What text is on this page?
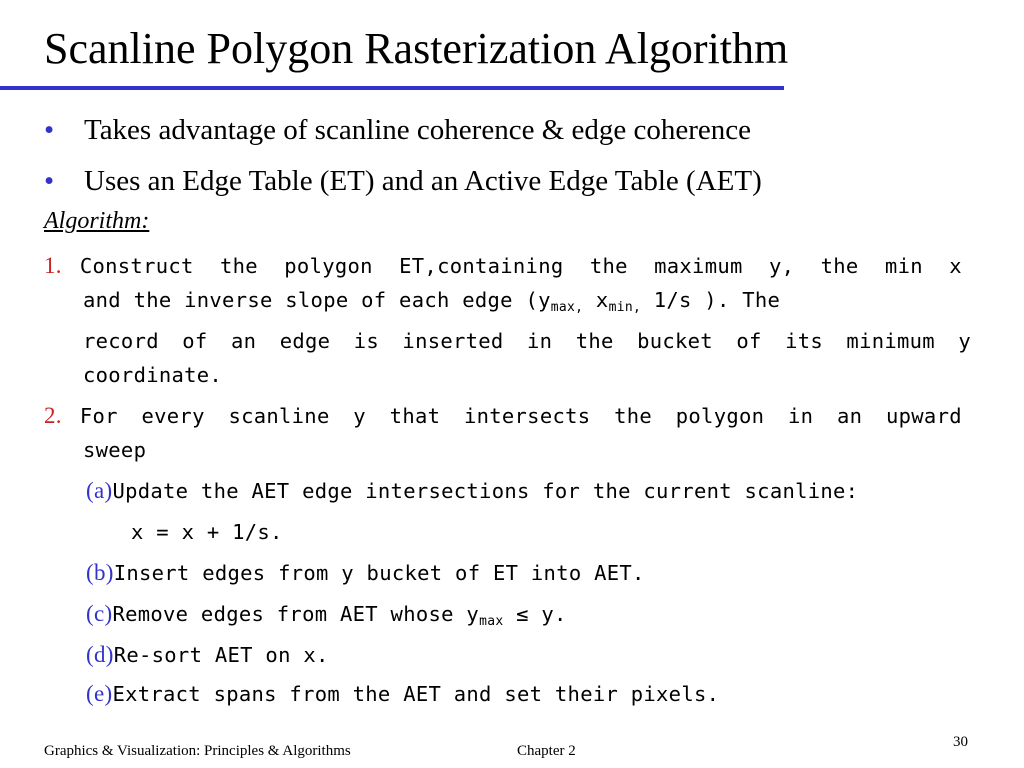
Scanline Polygon Rasterization Algorithm
• Takes advantage of scanline coherence & edge coherence
• Uses an Edge Table (ET) and an Active Edge Table (AET)
Algorithm:
1. Construct the polygon ET,containing the maximum y, the min x
and the inverse slope of each edge ($y_{max,}$ $x_{min,}$ 1/s ). The
record of an edge is inserted in the bucket of its minimum y
coordinate.
2. For every scanline y that intersects the polygon in an upward
sweep
(a)Update the AET edge intersections for the current scanline:
x = x + 1/s.
(b)Insert edges from y bucket of ET into AET.
(c)Remove edges from AET whose $y_{max} \le y$.
(d)Re-sort AET on x.
(e)Extract spans from the AET and set their pixels.
Graphics & Visualization: Principles & Algorithms	Chapter 2
30
